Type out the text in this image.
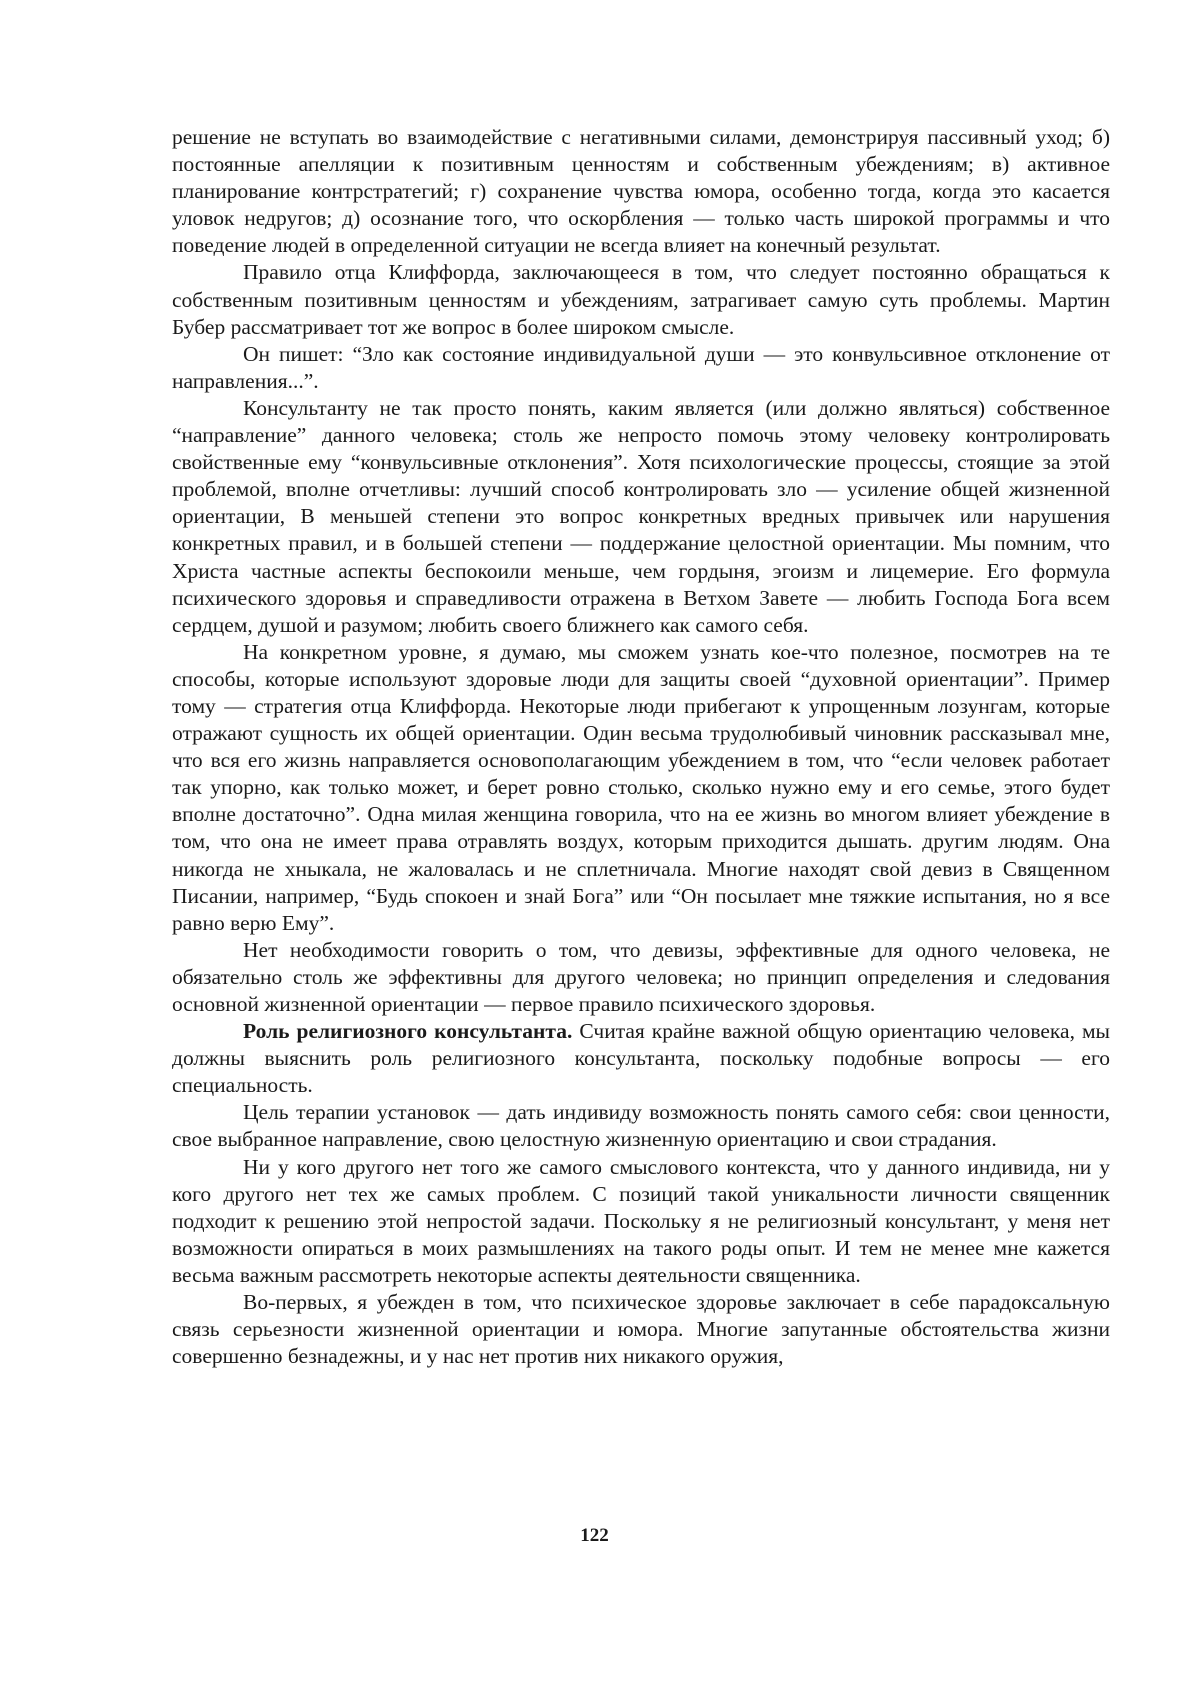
решение не вступать во взаимодействие с негативными силами, демонстрируя пассивный уход; б) постоянные апелляции к позитивным ценностям и собственным убеждениям; в) активное планирование контрстратегий; г) сохранение чувства юмора, особенно тогда, когда это касается уловок недругов; д) осознание того, что оскорбления — только часть широкой программы и что поведение людей в определенной ситуации не всегда влияет на конечный результат.

Правило отца Клиффорда, заключающееся в том, что следует постоянно обращаться к собственным позитивным ценностям и убеждениям, затрагивает самую суть проблемы. Мартин Бубер рассматривает тот же вопрос в более широком смысле.

Он пишет: “Зло как состояние индивидуальной души — это конвульсивное отклонение от направления...”.

Консультанту не так просто понять, каким является (или должно являться) собственное “направление” данного человека; столь же непросто помочь этому человеку контролировать свойственные ему “конвульсивные отклонения”. Хотя психологические процессы, стоящие за этой проблемой, вполне отчетливы: лучший способ контролировать зло — усиление общей жизненной ориентации, В меньшей степени это вопрос конкретных вредных привычек или нарушения конкретных правил, и в большей степени — поддержание целостной ориентации. Мы помним, что Христа частные аспекты беспокоили меньше, чем гордыня, эгоизм и лицемерие. Его формула психического здоровья и справедливости отражена в Ветхом Завете — любить Господа Бога всем сердцем, душой и разумом; любить своего ближнего как самого себя.

На конкретном уровне, я думаю, мы сможем узнать кое-что полезное, посмотрев на те способы, которые используют здоровые люди для защиты своей “духовной ориентации”. Пример тому — стратегия отца Клиффорда. Некоторые люди прибегают к упрощенным лозунгам, которые отражают сущность их общей ориентации. Один весьма трудолюбивый чиновник рассказывал мне, что вся его жизнь направляется основополагающим убеждением в том, что “если человек работает так упорно, как только может, и берет ровно столько, сколько нужно ему и его семье, этого будет вполне достаточно”. Одна милая женщина говорила, что на ее жизнь во многом влияет убеждение в том, что она не имеет права отравлять воздух, которым приходится дышать. другим людям. Она никогда не хныкала, не жаловалась и не сплетничала. Многие находят свой девиз в Священном Писании, например, “Будь спокоен и знай Бога” или “Он посылает мне тяжкие испытания, но я все равно верю Ему”.

Нет необходимости говорить о том, что девизы, эффективные для одного человека, не обязательно столь же эффективны для другого человека; но принцип определения и следования основной жизненной ориентации — первое правило психического здоровья.

Роль религиозного консультанта. Считая крайне важной общую ориентацию человека, мы должны выяснить роль религиозного консультанта, поскольку подобные вопросы — его специальность.

Цель терапии установок — дать индивиду возможность понять самого себя: свои ценности, свое выбранное направление, свою целостную жизненную ориентацию и свои страдания.

Ни у кого другого нет того же самого смыслового контекста, что у данного индивида, ни у кого другого нет тех же самых проблем. С позиций такой уникальности личности священник подходит к решению этой непростой задачи. Поскольку я не религиозный консультант, у меня нет возможности опираться в моих размышлениях на такого роды опыт. И тем не менее мне кажется весьма важным рассмотреть некоторые аспекты деятельности священника.

Во-первых, я убежден в том, что психическое здоровье заключает в себе парадоксальную связь серьезности жизненной ориентации и юмора. Многие запутанные обстоятельства жизни совершенно безнадежны, и у нас нет против них никакого оружия,

122
